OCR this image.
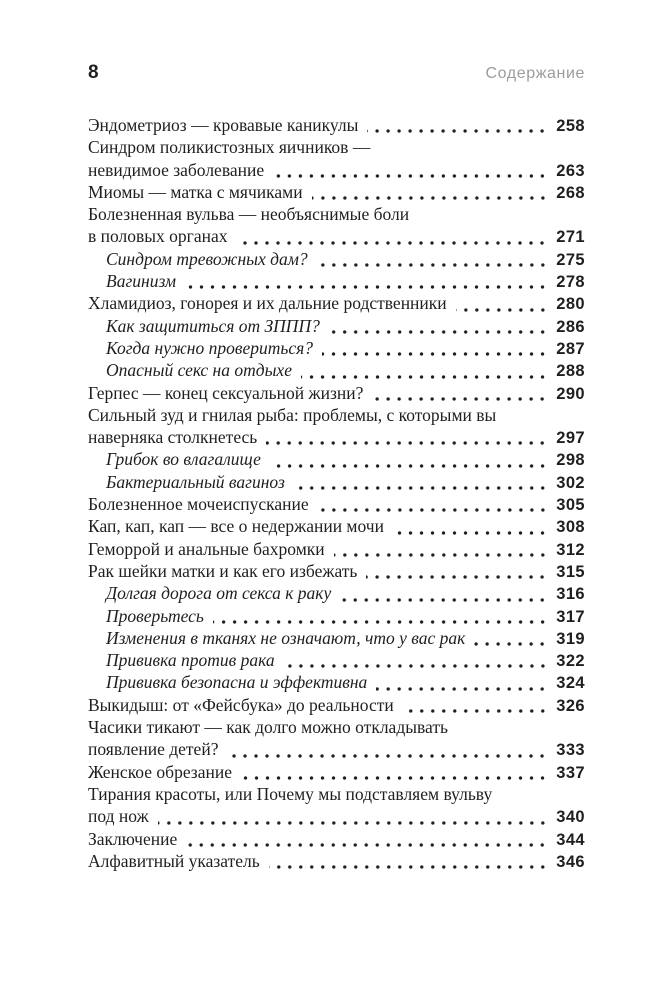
8	Содержание
Эндометриоз — кровавые каникулы	258
Синдром поликистозных яичников —
невидимое заболевание	263
Миомы — матка с мячиками	268
Болезненная вульва — необъяснимые боли
в половых органах	271
Синдром тревожных дам?	275
Вагинизм	278
Хламидиоз, гонорея и их дальние родственники	280
Как защититься от ЗППП?	286
Когда нужно провериться?	287
Опасный секс на отдыхе	288
Герпес — конец сексуальной жизни?	290
Сильный зуд и гнилая рыба: проблемы, с которыми вы
наверняка столкнетесь	297
Грибок во влагалище	298
Бактериальный вагиноз	302
Болезненное мочеиспускание	305
Кап, кап, кап — все о недержании мочи	308
Геморрой и анальные бахромки	312
Рак шейки матки и как его избежать	315
Долгая дорога от секса к раку	316
Проверьтесь	317
Изменения в тканях не означают, что у вас рак	319
Прививка против рака	322
Прививка безопасна и эффективна	324
Выкидыш: от «Фейсбука» до реальности	326
Часики тикают — как долго можно откладывать
появление детей?	333
Женское обрезание	337
Тирания красоты, или Почему мы подставляем вульву
под нож	340
Заключение	344
Алфавитный указатель	346
